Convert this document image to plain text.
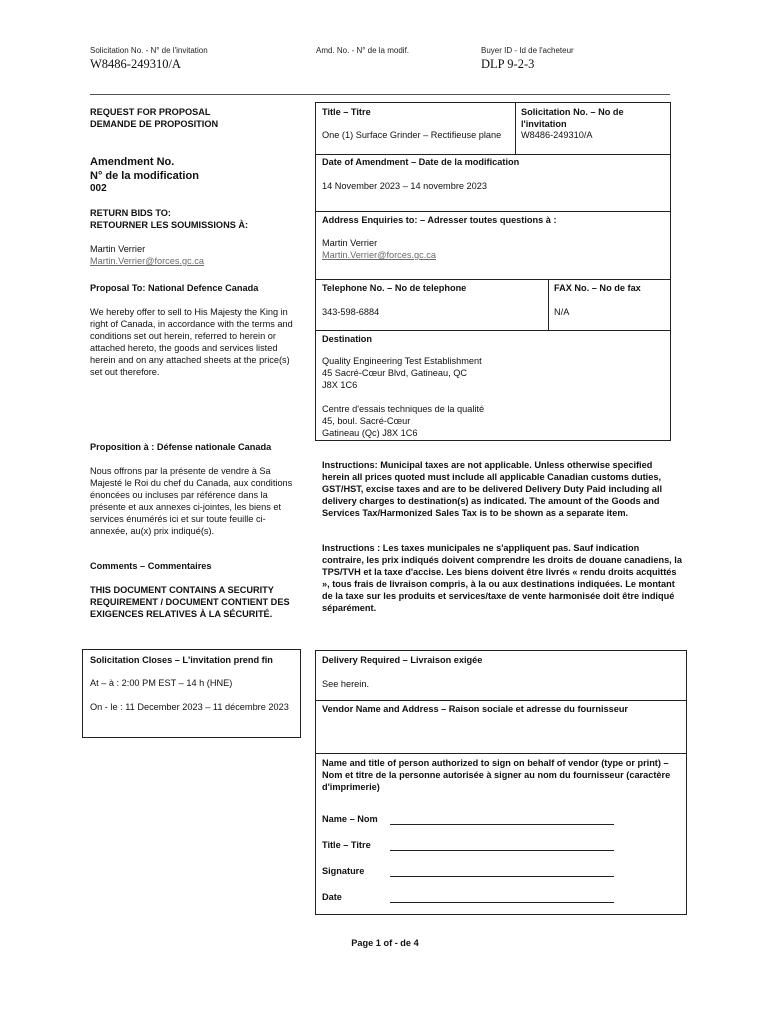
Solicitation No. - N° de l'invitation
W8486-249310/A
Amd. No. - N° de la modif.	Buyer ID - Id de l'acheteur
DLP 9-2-3
REQUEST FOR PROPOSAL
DEMANDE DE PROPOSITION
Amendment No.
N° de la modification
002
RETURN BIDS TO:
RETOURNER LES SOUMISSIONS À:
Martin Verrier
Martin.Verrier@forces.gc.ca
Proposal To: National Defence Canada
We hereby offer to sell to His Majesty the King in right of Canada, in accordance with the terms and conditions set out herein, referred to herein or attached hereto, the goods and services listed herein and on any attached sheets at the price(s) set out therefore.
Proposition à : Défense nationale Canada
Nous offrons par la présente de vendre à Sa Majesté le Roi du chef du Canada, aux conditions énoncées ou incluses par référence dans la présente et aux annexes ci-jointes, les biens et services énumérés ici et sur toute feuille ci-annexée, au(x) prix indiqué(s).
Comments – Commentaires
THIS DOCUMENT CONTAINS A SECURITY REQUIREMENT / DOCUMENT CONTIENT DES EXIGENCES RELATIVES À LA SÉCURITÉ.
Solicitation Closes – L'invitation prend fin
At – à : 2:00 PM EST – 14 h (HNE)
On - le : 11 December 2023 – 11 décembre 2023
Title – Titre
One (1) Surface Grinder – Rectifieuse plane
Solicitation No. – No de l'invitation
W8486-249310/A
Date of Amendment – Date de la modification
14 November 2023 – 14 novembre 2023
Address Enquiries to: – Adresser toutes questions à :
Martin Verrier
Martin.Verrier@forces.gc.ca
Telephone No. – No de telephone
343-598-6884
FAX No. – No de fax
N/A
Destination
Quality Engineering Test Establishment
45 Sacré-Cœur Blvd, Gatineau, QC
J8X 1C6
Centre d'essais techniques de la qualité
45, boul. Sacré-Cœur
Gatineau (Qc) J8X 1C6
Instructions: Municipal taxes are not applicable. Unless otherwise specified herein all prices quoted must include all applicable Canadian customs duties, GST/HST, excise taxes and are to be delivered Delivery Duty Paid including all delivery charges to destination(s) as indicated. The amount of the Goods and Services Tax/Harmonized Sales Tax is to be shown as a separate item.
Instructions : Les taxes municipales ne s'appliquent pas. Sauf indication contraire, les prix indiqués doivent comprendre les droits de douane canadiens, la TPS/TVH et la taxe d'accise. Les biens doivent être livrés « rendu droits acquittés », tous frais de livraison compris, à la ou aux destinations indiquées. Le montant de la taxe sur les produits et services/taxe de vente harmonisée doit être indiqué séparément.
Delivery Required – Livraison exigée
See herein.
Vendor Name and Address – Raison sociale et adresse du fournisseur
Name and title of person authorized to sign on behalf of vendor (type or print) – Nom et titre de la personne autorisée à signer au nom du fournisseur (caractère d'imprimerie)
Name – Nom
Title – Titre
Signature
Date
Page 1 of - de 4
